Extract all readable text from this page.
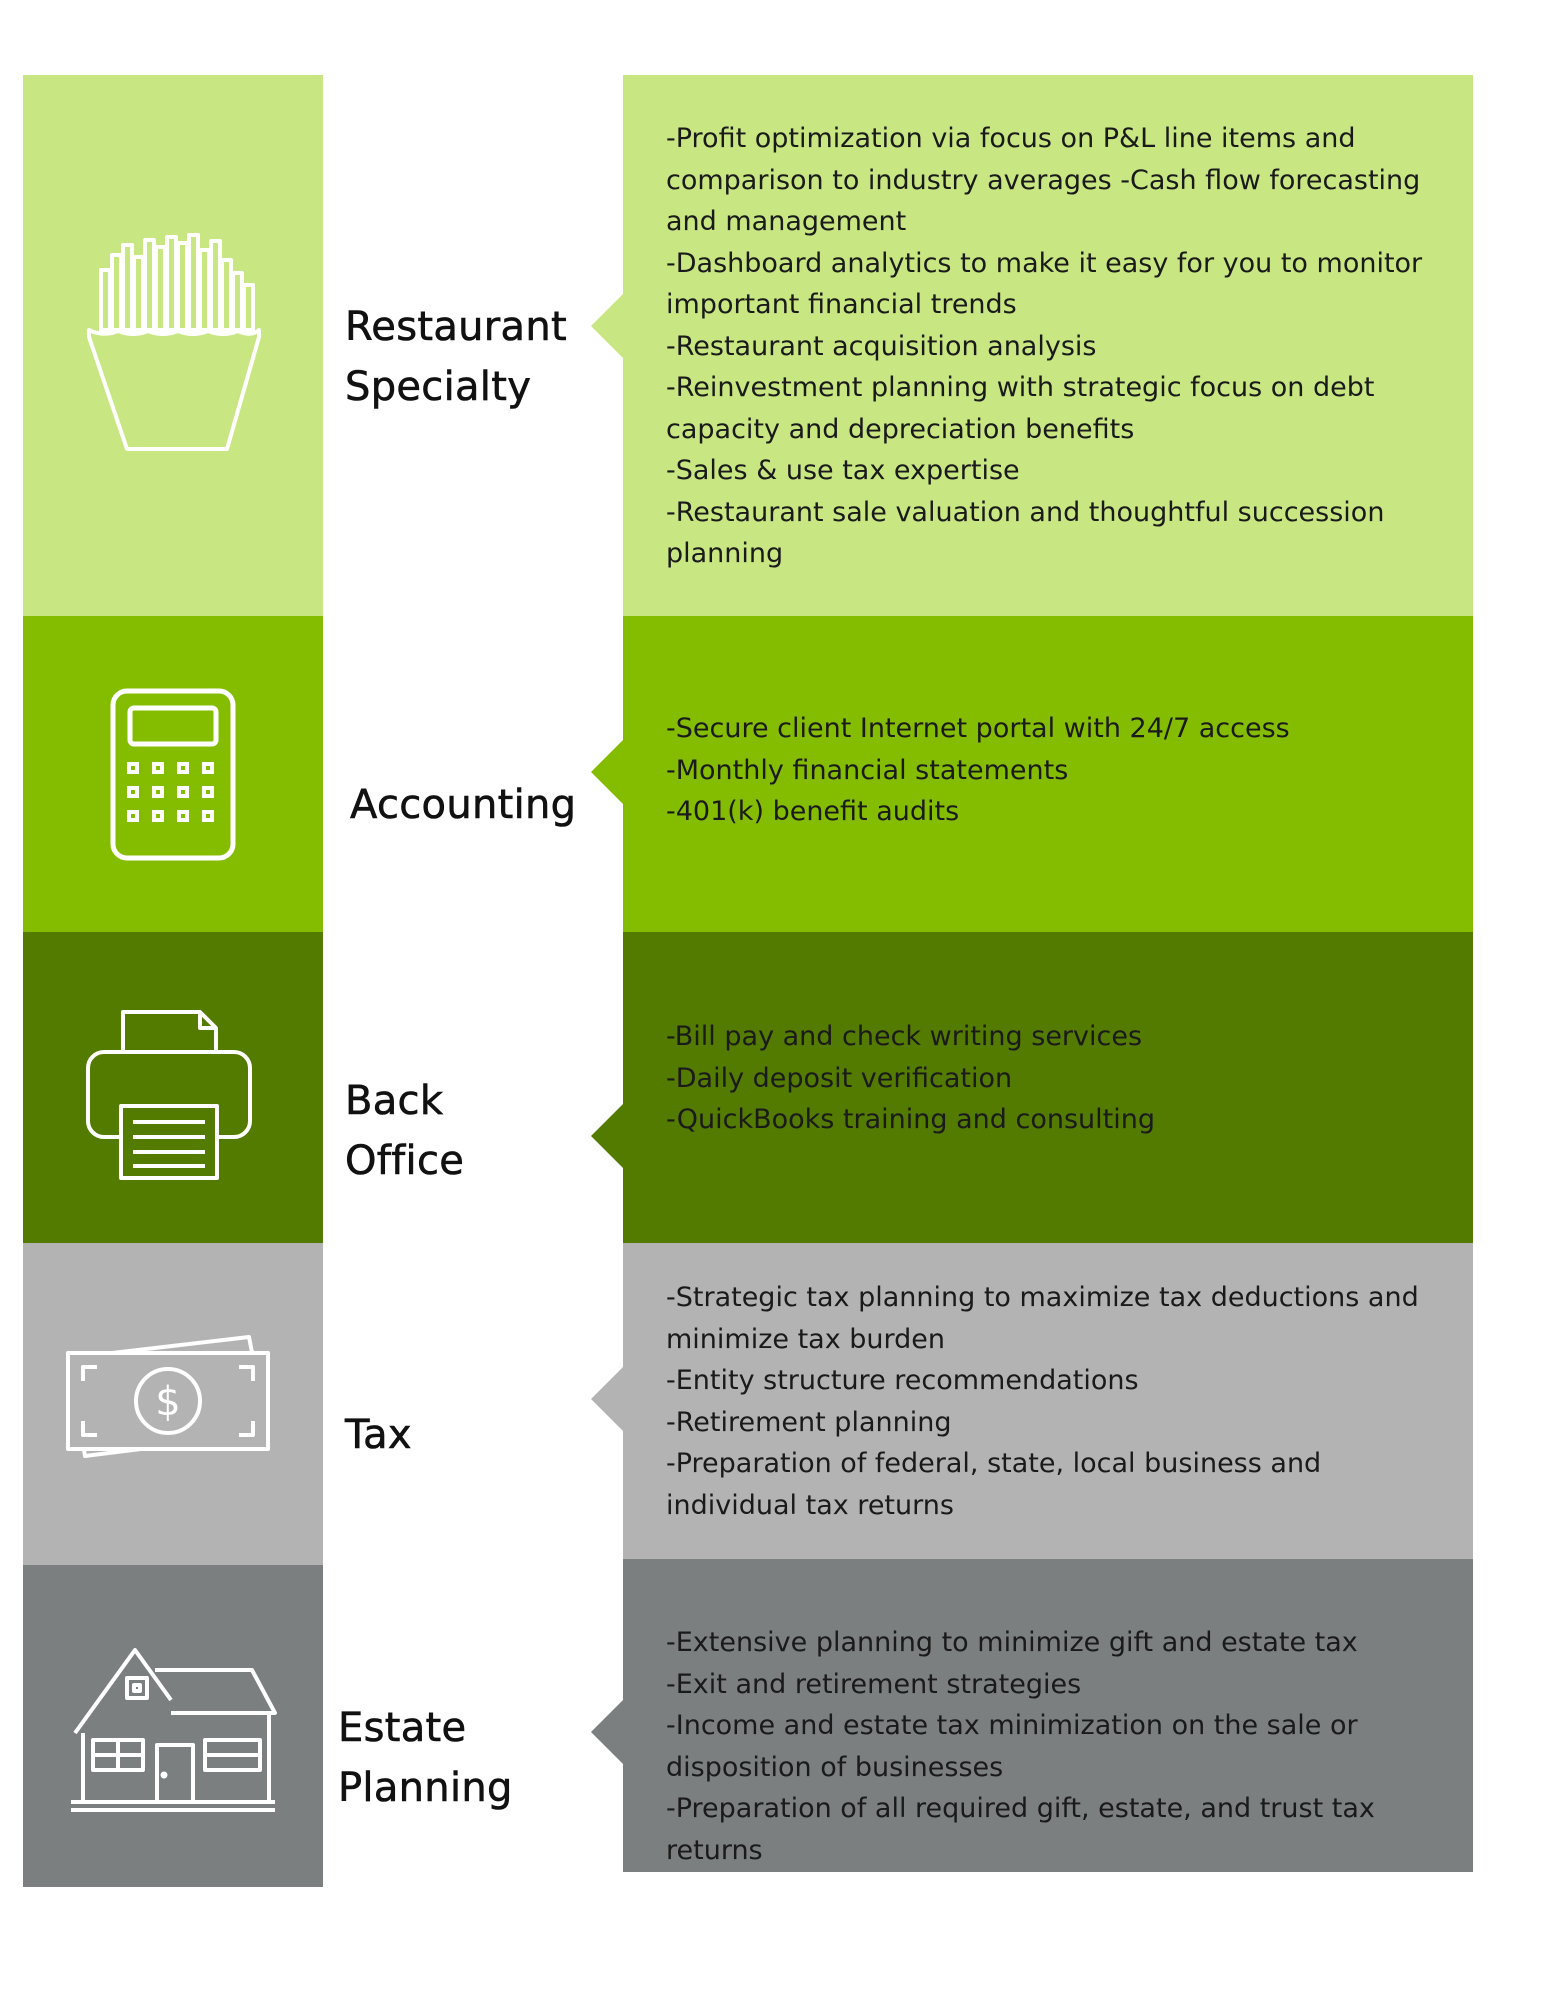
Restaurant
Specialty
-Profit optimization via focus on P&L line items and comparison to industry averages -Cash flow forecasting and management
-Dashboard analytics to make it easy for you to monitor important financial trends
-Restaurant acquisition analysis
-Reinvestment planning with strategic focus on debt capacity and depreciation benefits
-Sales & use tax expertise
-Restaurant sale valuation and thoughtful succession planning
Accounting
-Secure client Internet portal with 24/7 access
-Monthly financial statements
-401(k) benefit audits
Back
Office
-Bill pay and check writing services
-Daily deposit verification
-QuickBooks training and consulting
$
Tax
-Strategic tax planning to maximize tax deductions and minimize tax burden
-Entity structure recommendations
-Retirement planning
-Preparation of federal, state, local business and individual tax returns
Estate
Planning
-Extensive planning to minimize gift and estate tax
-Exit and retirement strategies
-Income and estate tax minimization on the sale or disposition of businesses
-Preparation of all required gift, estate, and trust tax returns
